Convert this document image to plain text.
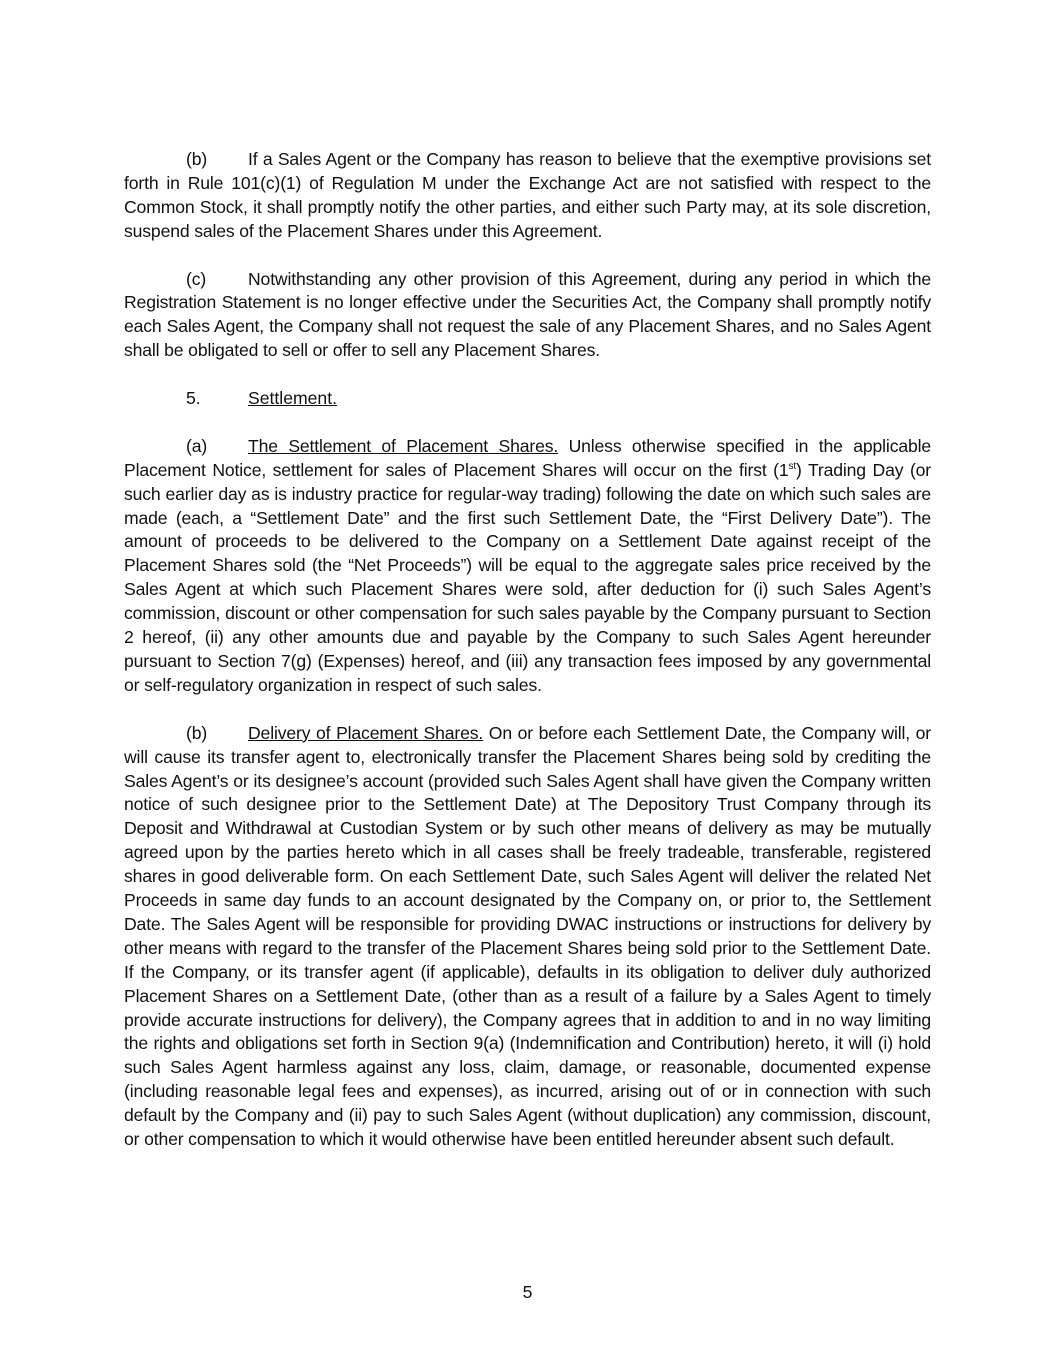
(b) If a Sales Agent or the Company has reason to believe that the exemptive provisions set forth in Rule 101(c)(1) of Regulation M under the Exchange Act are not satisfied with respect to the Common Stock, it shall promptly notify the other parties, and either such Party may, at its sole discretion, suspend sales of the Placement Shares under this Agreement.

(c) Notwithstanding any other provision of this Agreement, during any period in which the Registration Statement is no longer effective under the Securities Act, the Company shall promptly notify each Sales Agent, the Company shall not request the sale of any Placement Shares, and no Sales Agent shall be obligated to sell or offer to sell any Placement Shares.

5.	Settlement.

(a) The Settlement of Placement Shares. Unless otherwise specified in the applicable Placement Notice, settlement for sales of Placement Shares will occur on the first (1st) Trading Day (or such earlier day as is industry practice for regular-way trading) following the date on which such sales are made (each, a “Settlement Date” and the first such Settlement Date, the “First Delivery Date”). The amount of proceeds to be delivered to the Company on a Settlement Date against receipt of the Placement Shares sold (the “Net Proceeds”) will be equal to the aggregate sales price received by the Sales Agent at which such Placement Shares were sold, after deduction for (i) such Sales Agent’s commission, discount or other compensation for such sales payable by the Company pursuant to Section 2 hereof, (ii) any other amounts due and payable by the Company to such Sales Agent hereunder pursuant to Section 7(g) (Expenses) hereof, and (iii) any transaction fees imposed by any governmental or self-regulatory organization in respect of such sales.

(b) Delivery of Placement Shares. On or before each Settlement Date, the Company will, or will cause its transfer agent to, electronically transfer the Placement Shares being sold by crediting the Sales Agent’s or its designee’s account (provided such Sales Agent shall have given the Company written notice of such designee prior to the Settlement Date) at The Depository Trust Company through its Deposit and Withdrawal at Custodian System or by such other means of delivery as may be mutually agreed upon by the parties hereto which in all cases shall be freely tradeable, transferable, registered shares in good deliverable form. On each Settlement Date, such Sales Agent will deliver the related Net Proceeds in same day funds to an account designated by the Company on, or prior to, the Settlement Date. The Sales Agent will be responsible for providing DWAC instructions or instructions for delivery by other means with regard to the transfer of the Placement Shares being sold prior to the Settlement Date. If the Company, or its transfer agent (if applicable), defaults in its obligation to deliver duly authorized Placement Shares on a Settlement Date, (other than as a result of a failure by a Sales Agent to timely provide accurate instructions for delivery), the Company agrees that in addition to and in no way limiting the rights and obligations set forth in Section 9(a) (Indemnification and Contribution) hereto, it will (i) hold such Sales Agent harmless against any loss, claim, damage, or reasonable, documented expense (including reasonable legal fees and expenses), as incurred, arising out of or in connection with such default by the Company and (ii) pay to such Sales Agent (without duplication) any commission, discount, or other compensation to which it would otherwise have been entitled hereunder absent such default.

5
